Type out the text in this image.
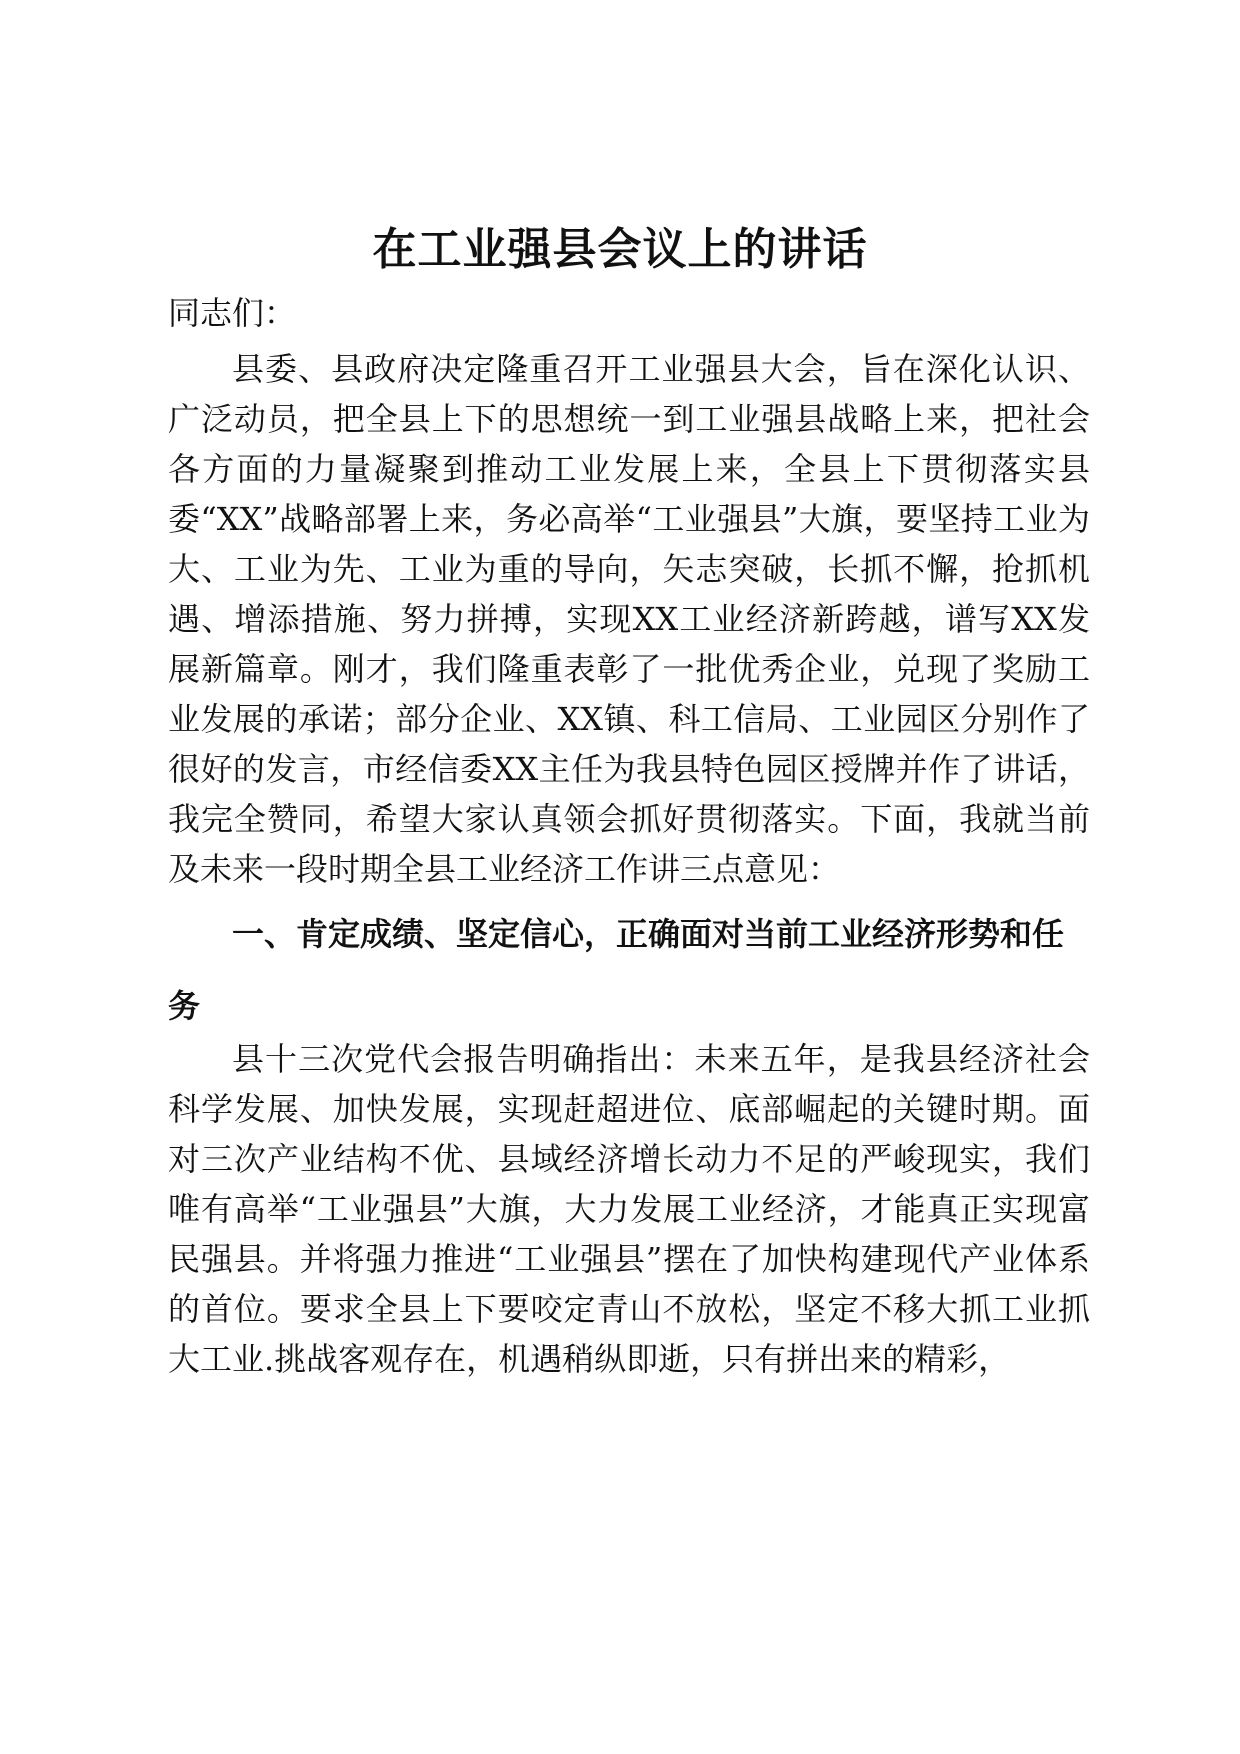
在工业强县会议上的讲话

同志们：

县委、县政府决定隆重召开工业强县大会，旨在深化认识、广泛动员，把全县上下的思想统一到工业强县战略上来，把社会各方面的力量凝聚到推动工业发展上来，全县上下贯彻落实县委“XX”战略部署上来，务必高举“工业强县”大旗，要坚持工业为大、工业为先、工业为重的导向，矢志突破，长抓不懈，抢抓机遇、增添措施、努力拼搏，实现XX工业经济新跨越，谱写XX发展新篇章。刚才，我们隆重表彰了一批优秀企业，兑现了奖励工业发展的承诺；部分企业、XX镇、科工信局、工业园区分别作了很好的发言，市经信委XX主任为我县特色园区授牌并作了讲话，我完全赞同，希望大家认真领会抓好贯彻落实。下面，我就当前及未来一段时期全县工业经济工作讲三点意见：

一、肯定成绩、坚定信心，正确面对当前工业经济形势和任务

县十三次党代会报告明确指出：未来五年，是我县经济社会科学发展、加快发展，实现赶超进位、底部崛起的关键时期。面对三次产业结构不优、县域经济增长动力不足的严峻现实，我们唯有高举“工业强县”大旗，大力发展工业经济，才能真正实现富民强县。并将强力推进“工业强县”摆在了加快构建现代产业体系的首位。要求全县上下要咬定青山不放松，坚定不移大抓工业抓大工业.挑战客观存在，机遇稍纵即逝，只有拼出来的精彩，
